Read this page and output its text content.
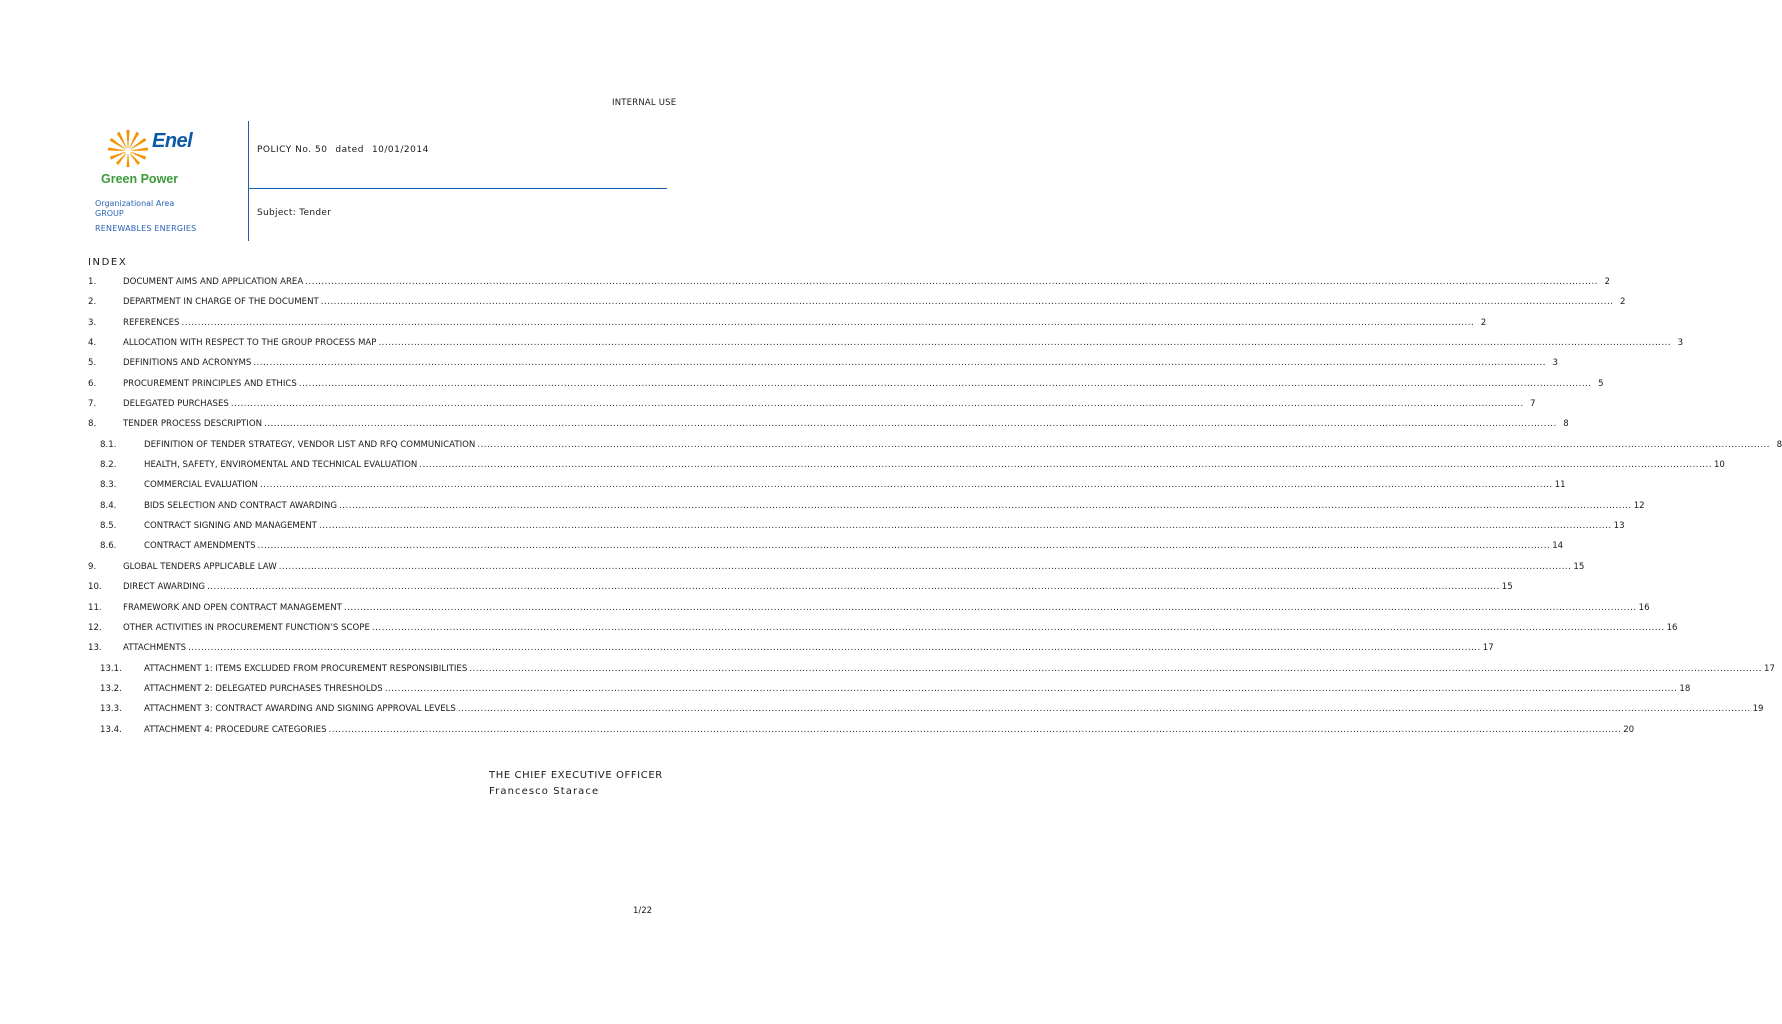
INTERNAL USE
Enel
Green Power
Organizational Area
GROUP
RENEWABLES ENERGIES
POLICY No. 50 dated 10/01/2014
Subject: Tender
INDEX
1.	DOCUMENT AIMS AND APPLICATION AREA ................................................................................................................................................................................................................................................................................................................................................................................................................ 2
2.	DEPARTMENT IN CHARGE OF THE DOCUMENT ................................................................................................................................................................................................................................................................................................................................................................................................................ 2
3.	REFERENCES ................................................................................................................................................................................................................................................................................................................................................................................................................ 2
4.	ALLOCATION WITH RESPECT TO THE GROUP PROCESS MAP ................................................................................................................................................................................................................................................................................................................................................................................................................ 3
5.	DEFINITIONS AND ACRONYMS ................................................................................................................................................................................................................................................................................................................................................................................................................ 3
6.	PROCUREMENT PRINCIPLES AND ETHICS ................................................................................................................................................................................................................................................................................................................................................................................................................ 5
7.	DELEGATED PURCHASES ................................................................................................................................................................................................................................................................................................................................................................................................................ 7
8.	TENDER PROCESS DESCRIPTION ................................................................................................................................................................................................................................................................................................................................................................................................................ 8
8.1.	DEFINITION OF TENDER STRATEGY, VENDOR LIST AND RFQ COMMUNICATION ................................................................................................................................................................................................................................................................................................................................................................................................................ 8
8.2.	HEALTH, SAFETY, ENVIROMENTAL AND TECHNICAL EVALUATION ................................................................................................................................................................................................................................................................................................................................................................................................................ 10
8.3.	COMMERCIAL EVALUATION ................................................................................................................................................................................................................................................................................................................................................................................................................ 11
8.4.	BIDS SELECTION AND CONTRACT AWARDING ................................................................................................................................................................................................................................................................................................................................................................................................................ 12
8.5.	CONTRACT SIGNING AND MANAGEMENT ................................................................................................................................................................................................................................................................................................................................................................................................................ 13
8.6.	CONTRACT AMENDMENTS ................................................................................................................................................................................................................................................................................................................................................................................................................ 14
9.	GLOBAL TENDERS APPLICABLE LAW ................................................................................................................................................................................................................................................................................................................................................................................................................ 15
10.	DIRECT AWARDING ................................................................................................................................................................................................................................................................................................................................................................................................................ 15
11.	FRAMEWORK AND OPEN CONTRACT MANAGEMENT ................................................................................................................................................................................................................................................................................................................................................................................................................ 16
12.	OTHER ACTIVITIES IN PROCUREMENT FUNCTION’S SCOPE ................................................................................................................................................................................................................................................................................................................................................................................................................ 16
13.	ATTACHMENTS ................................................................................................................................................................................................................................................................................................................................................................................................................ 17
13.1.	ATTACHMENT 1: ITEMS EXCLUDED FROM PROCUREMENT RESPONSIBILITIES ................................................................................................................................................................................................................................................................................................................................................................................................................ 17
13.2.	ATTACHMENT 2: DELEGATED PURCHASES THRESHOLDS ................................................................................................................................................................................................................................................................................................................................................................................................................ 18
13.3.	ATTACHMENT 3: CONTRACT AWARDING AND SIGNING APPROVAL LEVELS ................................................................................................................................................................................................................................................................................................................................................................................................................ 19
13.4.	ATTACHMENT 4: PROCEDURE CATEGORIES ................................................................................................................................................................................................................................................................................................................................................................................................................ 20
THE CHIEF EXECUTIVE OFFICER
Francesco Starace
1/22
